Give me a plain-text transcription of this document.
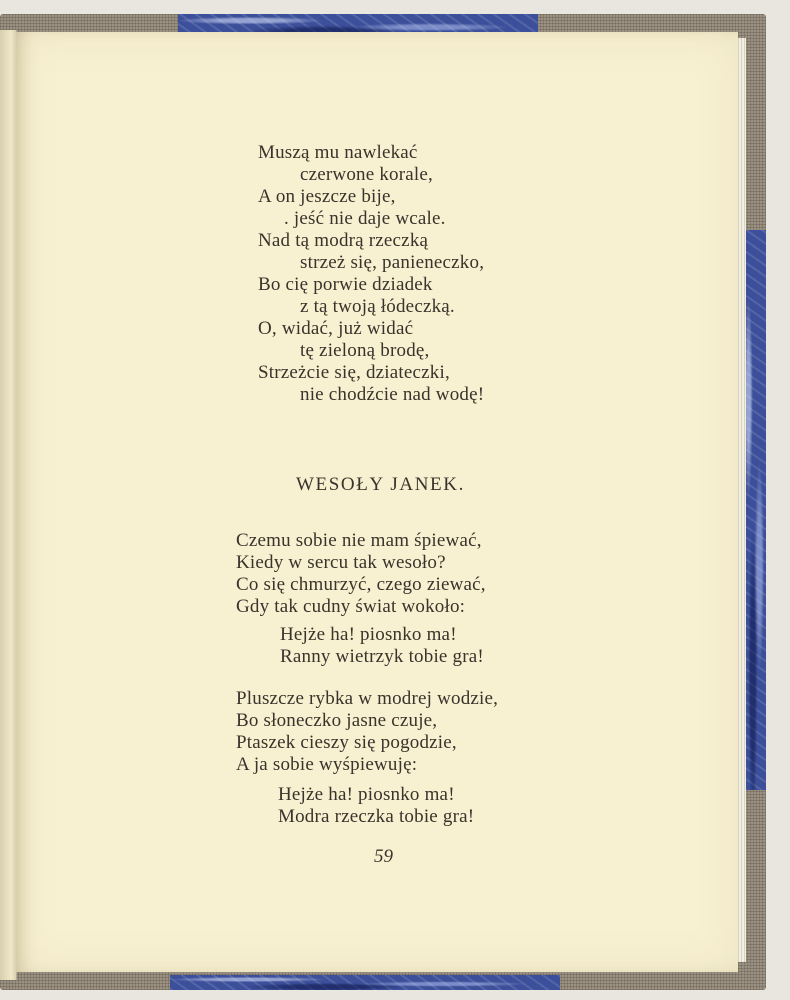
Muszą mu nawlekać
czerwone korale,
A on jeszcze bije,
. jeść nie daje wcale.
Nad tą modrą rzeczką
strzeż się, panieneczko,
Bo cię porwie dziadek
z tą twoją łódeczką.
O, widać, już widać
tę zieloną brodę,
Strzeżcie się, dziateczki,
nie chodźcie nad wodę!
WESOŁY JANEK.
Czemu sobie nie mam śpiewać,
Kiedy w sercu tak wesoło?
Co się chmurzyć, czego ziewać,
Gdy tak cudny świat wokoło:
Hejże ha! piosnko ma!
Ranny wietrzyk tobie gra!
Pluszcze rybka w modrej wodzie,
Bo słoneczko jasne czuje,
Ptaszek cieszy się pogodzie,
A ja sobie wyśpiewuję:
Hejże ha! piosnko ma!
Modra rzeczka tobie gra!
59
